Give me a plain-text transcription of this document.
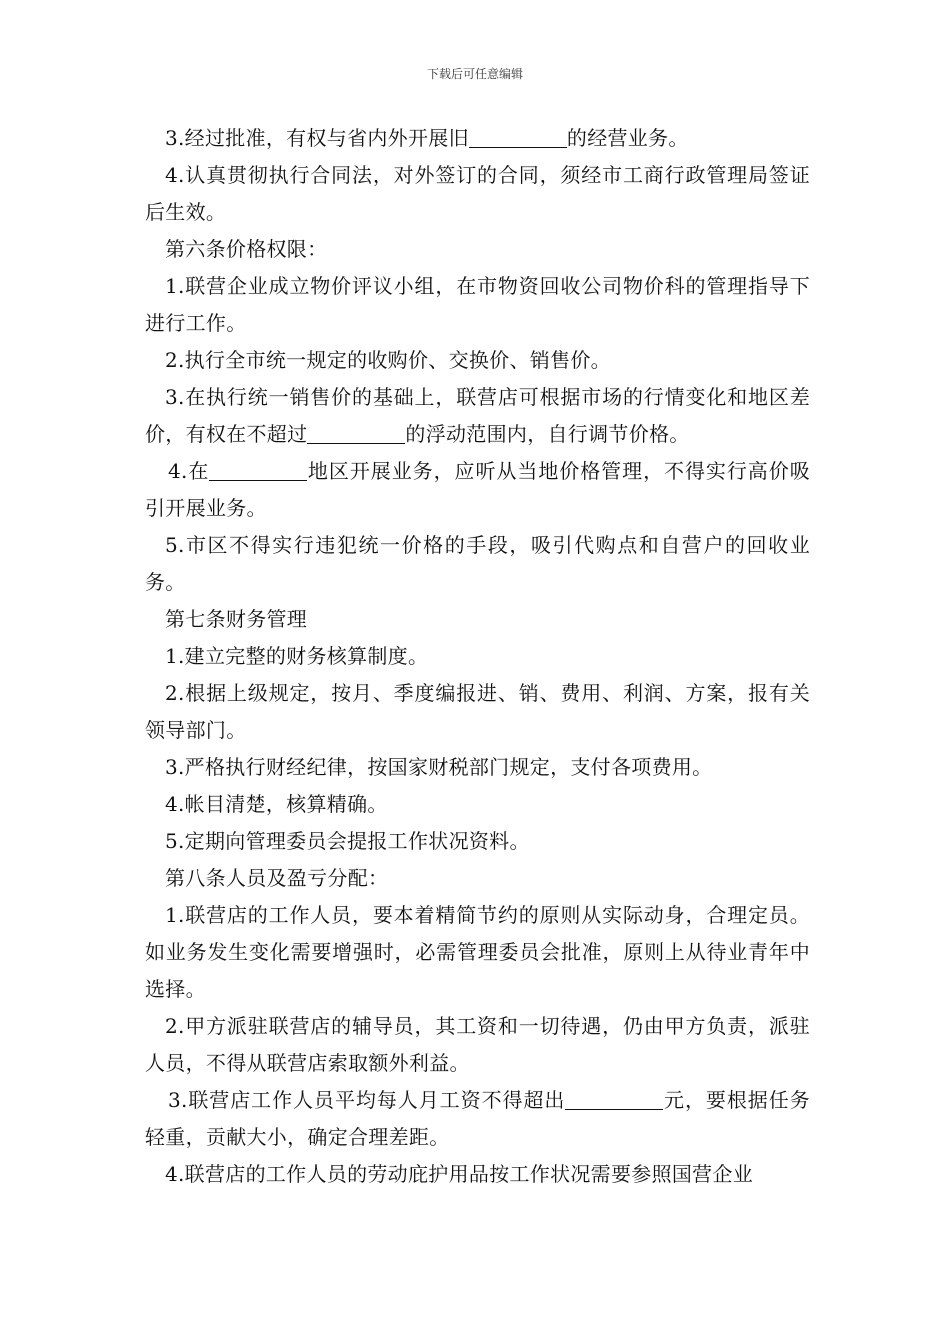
下载后可任意编辑

3.经过批准，有权与省内外开展旧	的经营业务。

4.认真贯彻执行合同法，对外签订的合同，须经市工商行政管理局签证后生效。

第六条价格权限：

1.联营企业成立物价评议小组，在市物资回收公司物价科的管理指导下进行工作。

2.执行全市统一规定的收购价、交换价、销售价。

3.在执行统一销售价的基础上，联营店可根据市场的行情变化和地区差价，有权在不超过	的浮动范围内，自行调节价格。

4.在	地区开展业务，应听从当地价格管理，不得实行高价吸引开展业务。

5.市区不得实行违犯统一价格的手段，吸引代购点和自营户的回收业务。

第七条财务管理

1.建立完整的财务核算制度。

2.根据上级规定，按月、季度编报进、销、费用、利润、方案，报有关领导部门。

3.严格执行财经纪律，按国家财税部门规定，支付各项费用。

4.帐目清楚，核算精确。

5.定期向管理委员会提报工作状况资料。

第八条人员及盈亏分配：

1.联营店的工作人员，要本着精简节约的原则从实际动身，合理定员。如业务发生变化需要增强时，必需管理委员会批准，原则上从待业青年中选择。

2.甲方派驻联营店的辅导员，其工资和一切待遇，仍由甲方负责，派驻人员，不得从联营店索取额外利益。

3.联营店工作人员平均每人月工资不得超出	元，要根据任务轻重，贡献大小，确定合理差距。

4.联营店的工作人员的劳动庇护用品按工作状况需要参照国营企业
